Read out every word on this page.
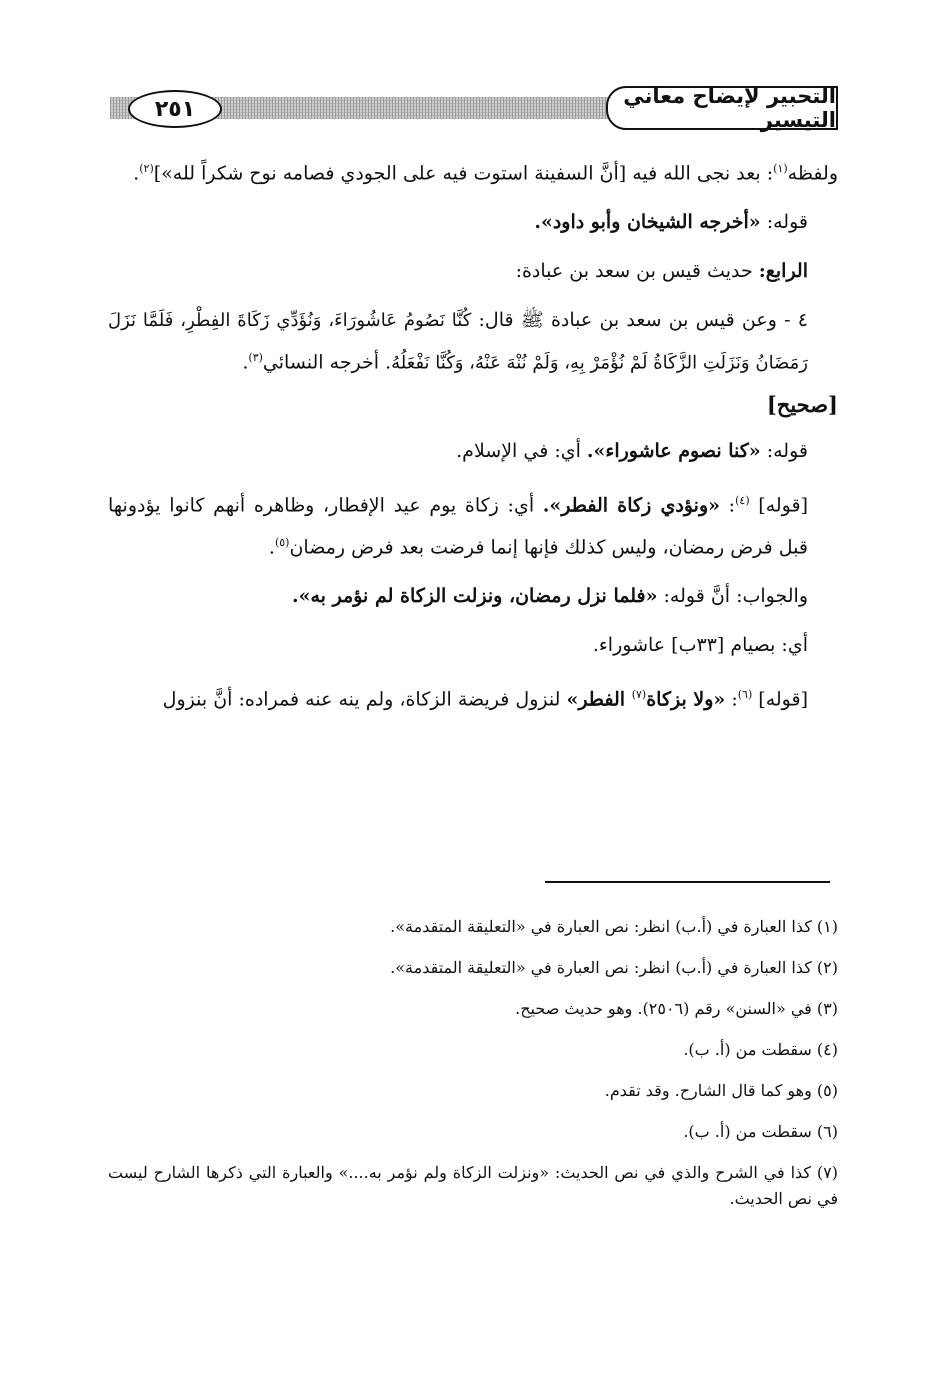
٢٥١
التحبير لإيضاح معاني التيسير

ولفظه$^{(١)}$: بعد نجى الله فيه [أنَّ السفينة استوت فيه على الجودي فصامه نوح شكراً لله»]$^{(٢)}$.

قوله: «أخرجه الشيخان وأبو داود».

الرابع: حديث قيس بن سعد بن عبادة:

٤ - وعن قيس بن سعد بن عبادة ﷺ قال: كُنَّا نَصُومُ عَاشُورَاءَ، وَنُؤَدِّي زَكَاةَ الفِطْرِ، فَلَمَّا نَزَلَ رَمَضَانُ وَنَزَلَتِ الزَّكَاةُ لَمْ نُؤْمَرْ بِهِ، وَلَمْ نُنْهَ عَنْهُ، وَكُنَّا نَفْعَلُهُ. أخرجه النسائي$^{(٣)}$.

[صحيح]

قوله: «كنا نصوم عاشوراء». أي: في الإسلام.

[قوله] $^{(٤)}$: «ونؤدي زكاة الفطر». أي: زكاة يوم عيد الإفطار، وظاهره أنهم كانوا يؤدونها قبل فرض رمضان، وليس كذلك فإنها إنما فرضت بعد فرض رمضان$^{(٥)}$.

والجواب: أنَّ قوله: «فلما نزل رمضان، ونزلت الزكاة لم نؤمر به».

أي: بصيام [٣٣ب] عاشوراء.

[قوله] $^{(٦)}$: «ولا بزكاة$^{(٧)}$ الفطر» لنزول فريضة الزكاة، ولم ينه عنه فمراده: أنَّ بنزول

(١) كذا العبارة في (أ.ب) انظر: نص العبارة في «التعليقة المتقدمة».

(٢) كذا العبارة في (أ.ب) انظر: نص العبارة في «التعليقة المتقدمة».

(٣) في «السنن» رقم (٢٥٠٦). وهو حديث صحيح.

(٤) سقطت من (أ. ب).

(٥) وهو كما قال الشارح. وقد تقدم.

(٦) سقطت من (أ. ب).

(٧) كذا في الشرح والذي في نص الحديث: «ونزلت الزكاة ولم نؤمر به....» والعبارة التي ذكرها الشارح ليست في نص الحديث.
